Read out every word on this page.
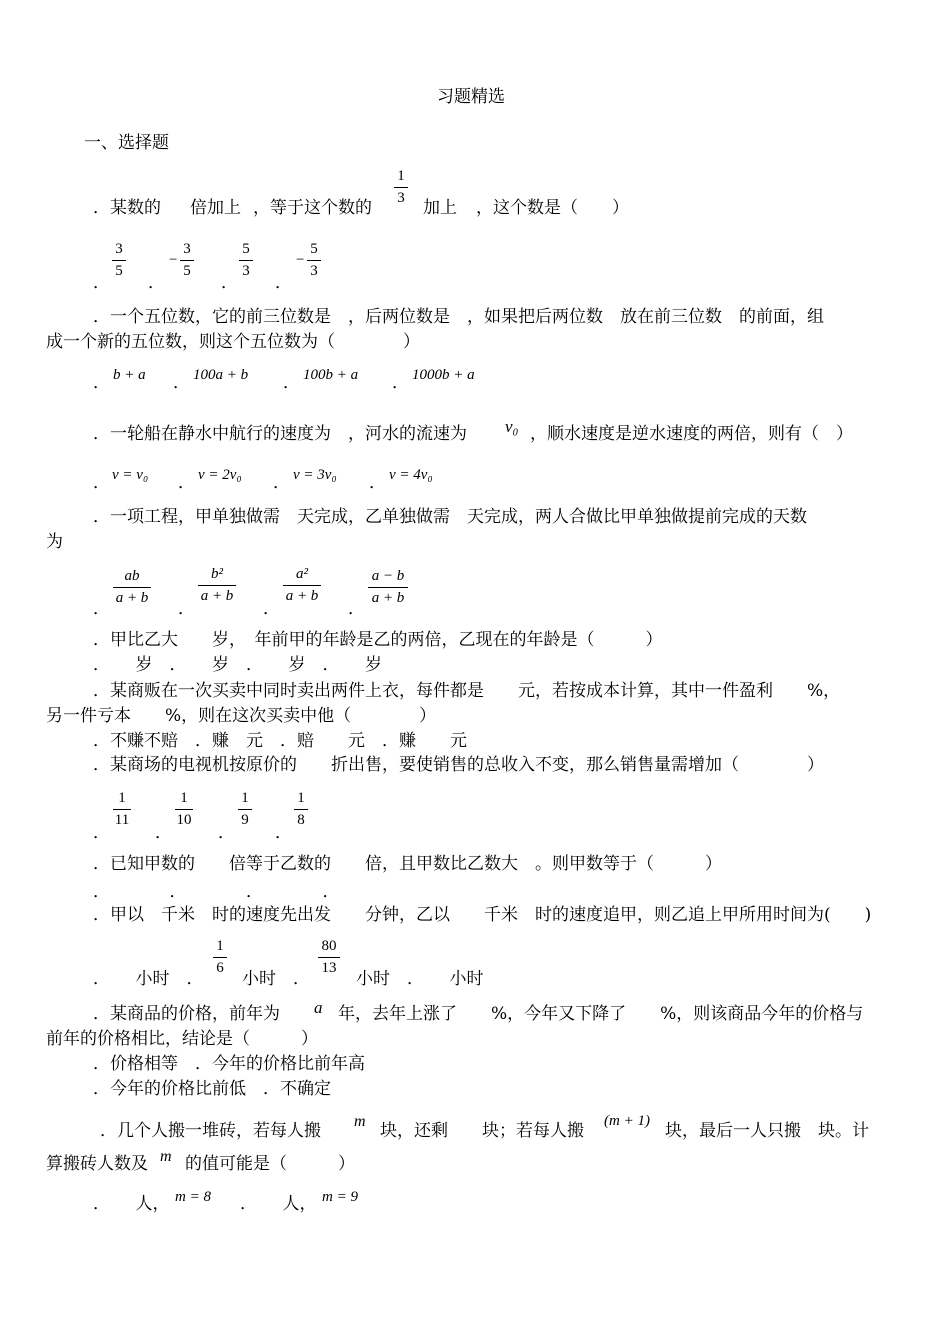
习题精选
一、选择题
．某数的 倍加上 ，等于这个数的
1
3 加上 ，这个数是（　　）
．
3
5
．
−
3
5
．
5
3
．
−
5
3
．一个五位数，它的前三位数是　，后两位数是　，如果把后两位数　放在前三位数　的前面，组
成一个新的五位数，则这个五位数为（　　　　）
． b + a ． 100a + b ． 100b + a ． 1000b + a
．一轮船在静水中航行的速度为　，河水的流速为 v₀ ，顺水速度是逆水速度的两倍，则有（　）
． v = v₀ ． v = 2v₀ ． v = 3v₀ ． v = 4v₀
．一项工程，甲单独做需　天完成，乙单独做需　天完成，两人合做比甲单独做提前完成的天数
为
．
ab
a + b
．
b²
a + b
．
a²
a + b
．
a − b
a + b
．甲比乙大　　岁，　年前甲的年龄是乙的两倍，乙现在的年龄是（　　　）
．　　岁　．　　岁　．　　岁　．　　岁
．某商贩在一次买卖中同时卖出两件上衣，每件都是　　元，若按成本计算，其中一件盈利　　%，
另一件亏本　　%，则在这次买卖中他（　　　　）
．不赚不赔　．赚　元　．赔　　元　．赚　　元
．某商场的电视机按原价的　　折出售，要使销售的总收入不变，那么销售量需增加（　　　　）
．
1
11
．
1
10
．
1
9
．
1
8
．已知甲数的　　倍等于乙数的　　倍，且甲数比乙数大　。则甲数等于（　　　）
．　　　　．　　　　．　　　　．
．甲以　千米　时的速度先出发　　分钟，乙以　　千米　时的速度追甲，则乙追上甲所用时间为(　　)
．　　小时　．
1
6
小时　．
80
13
小时　．　　小时
．某商品的价格，前年为 a 年，去年上涨了　　%，今年又下降了　　%，则该商品今年的价格与
前年的价格相比，结论是（　　　）
．价格相等　．今年的价格比前年高
．今年的价格比前低　．不确定
．几个人搬一堆砖，若每人搬 m 块，还剩　　块；若每人搬 (m + 1) 块，最后一人只搬　块。计
算搬砖人数及 m 的值可能是（　　　）
．　　人， m = 8 ．　　人， m = 9
